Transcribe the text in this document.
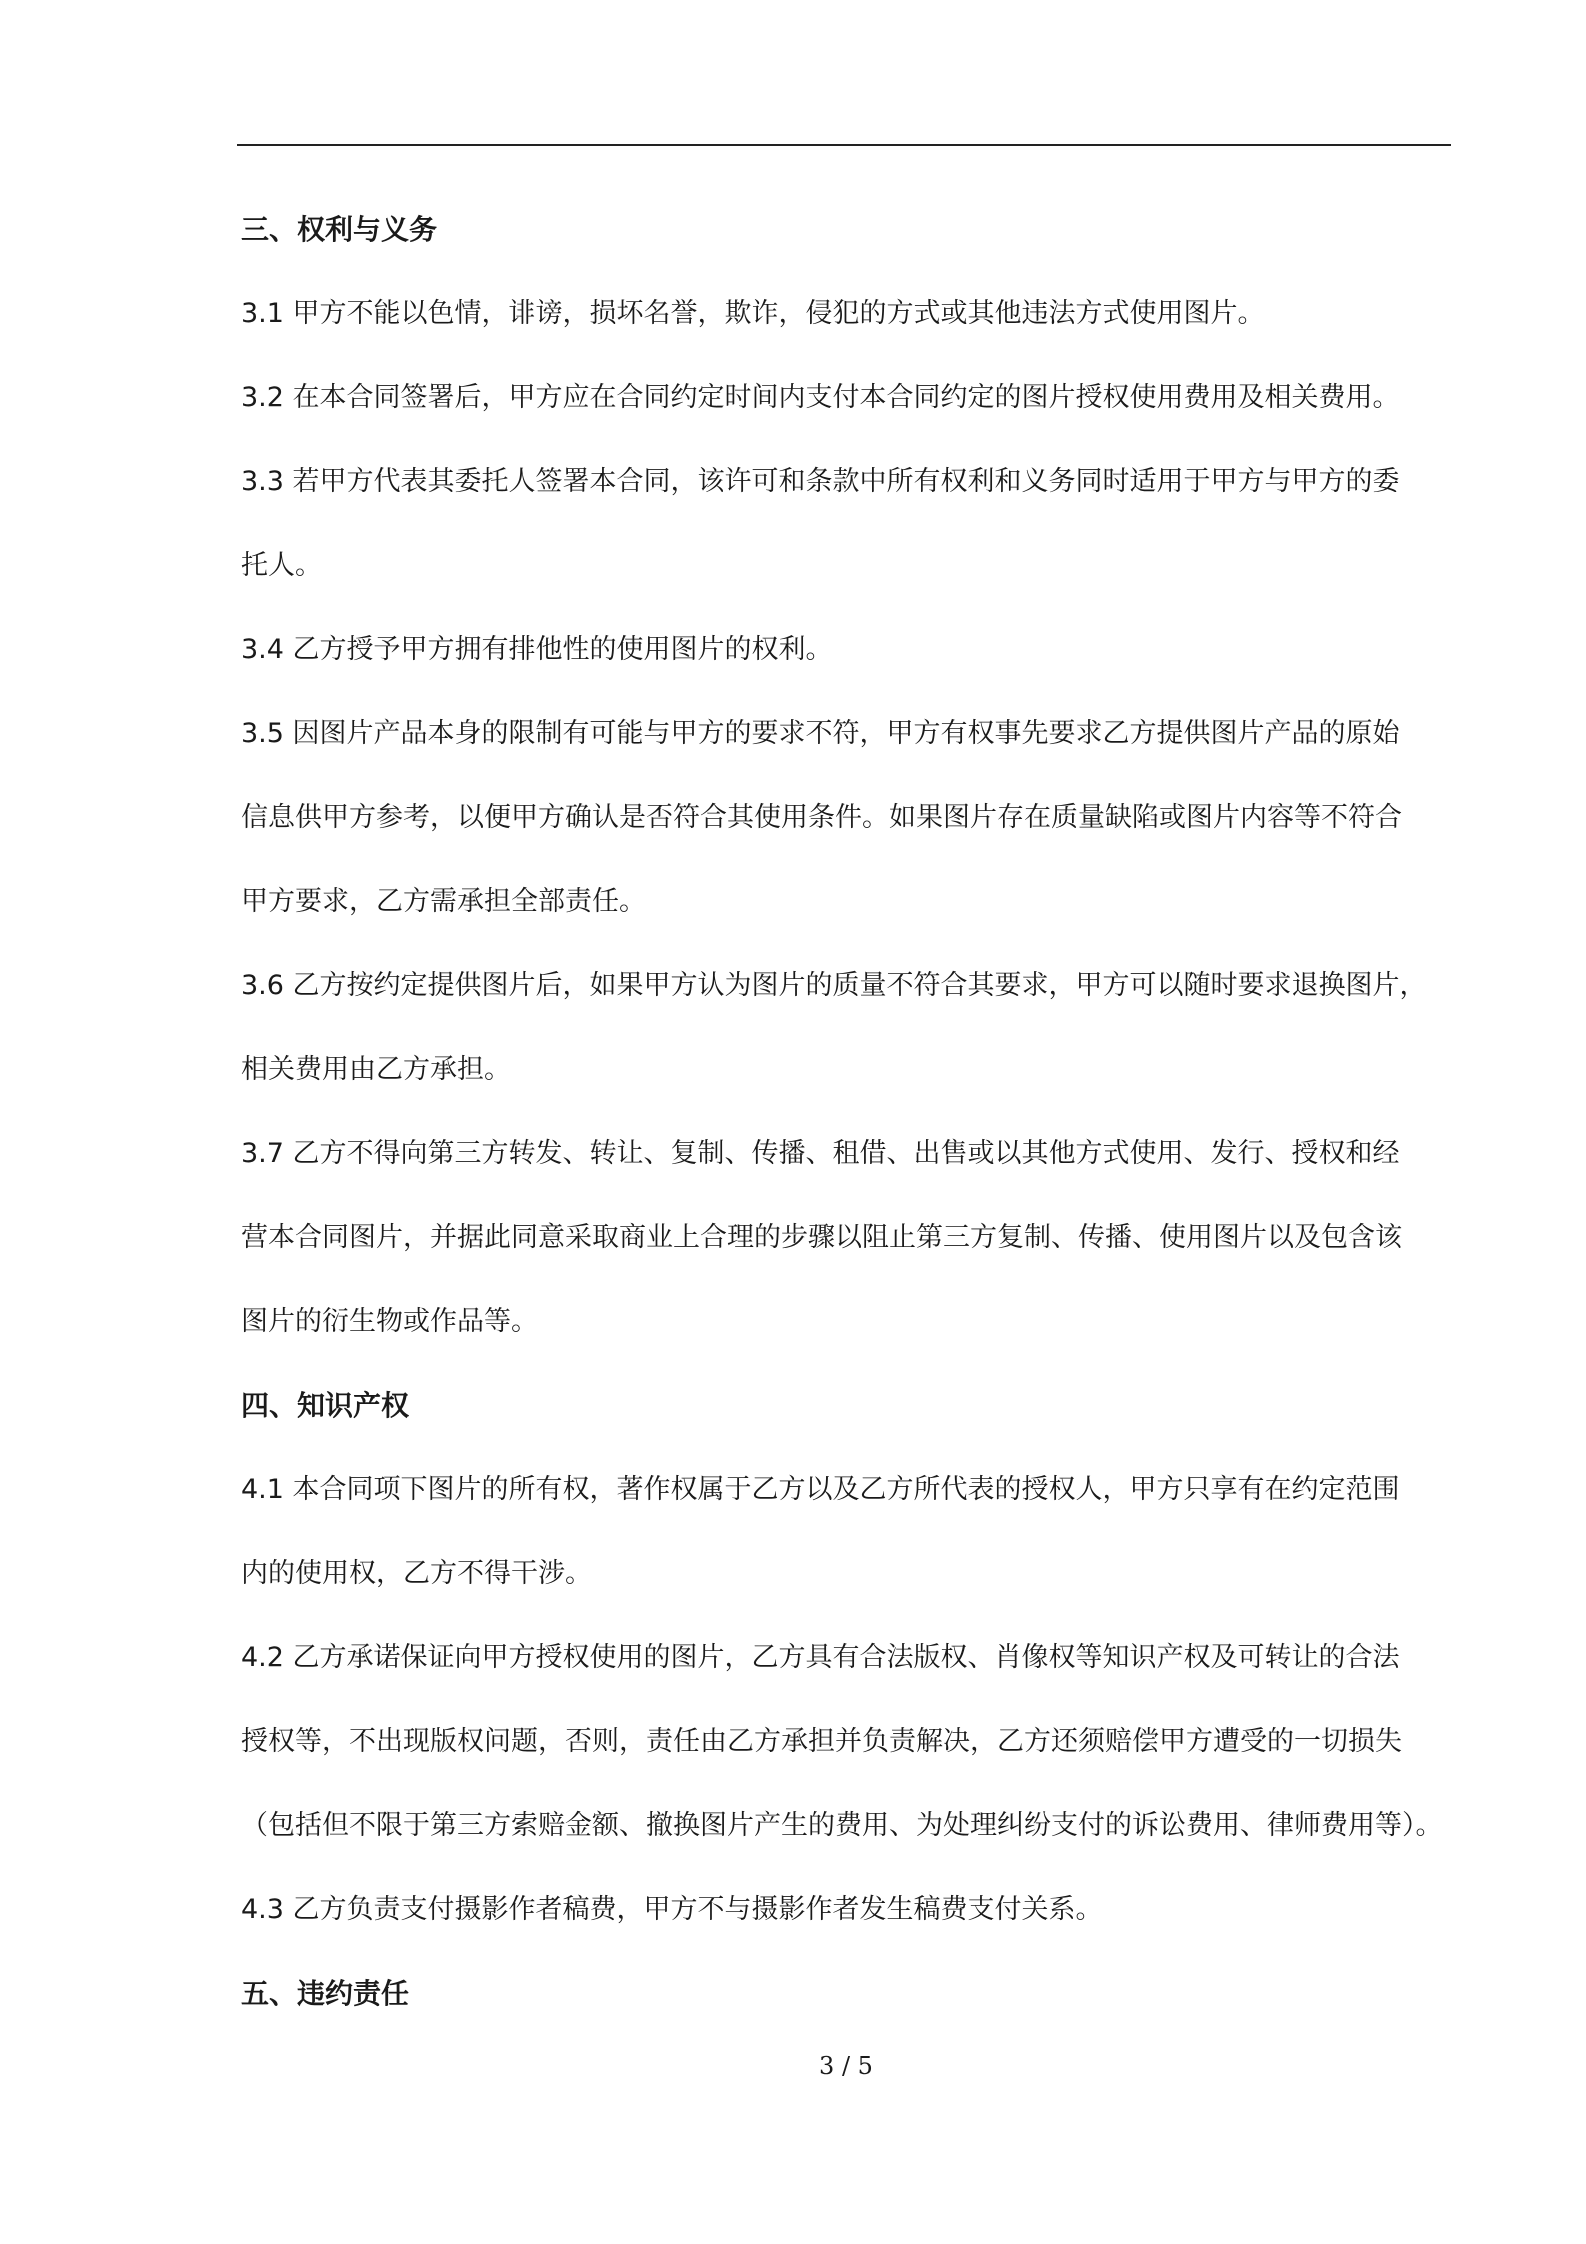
三、权利与义务
3.1 甲方不能以色情，诽谤，损坏名誉，欺诈，侵犯的方式或其他违法方式使用图片。
3.2 在本合同签署后，甲方应在合同约定时间内支付本合同约定的图片授权使用费用及相关费用。
3.3 若甲方代表其委托人签署本合同，该许可和条款中所有权利和义务同时适用于甲方与甲方的委
托人。
3.4 乙方授予甲方拥有排他性的使用图片的权利。
3.5 因图片产品本身的限制有可能与甲方的要求不符，甲方有权事先要求乙方提供图片产品的原始
信息供甲方参考，以便甲方确认是否符合其使用条件。如果图片存在质量缺陷或图片内容等不符合
甲方要求，乙方需承担全部责任。
3.6 乙方按约定提供图片后，如果甲方认为图片的质量不符合其要求，甲方可以随时要求退换图片，
相关费用由乙方承担。
3.7 乙方不得向第三方转发、转让、复制、传播、租借、出售或以其他方式使用、发行、授权和经
营本合同图片，并据此同意采取商业上合理的步骤以阻止第三方复制、传播、使用图片以及包含该
图片的衍生物或作品等。
四、知识产权
4.1 本合同项下图片的所有权，著作权属于乙方以及乙方所代表的授权人，甲方只享有在约定范围
内的使用权，乙方不得干涉。
4.2 乙方承诺保证向甲方授权使用的图片，乙方具有合法版权、肖像权等知识产权及可转让的合法
授权等，不出现版权问题，否则，责任由乙方承担并负责解决，乙方还须赔偿甲方遭受的一切损失
（包括但不限于第三方索赔金额、撤换图片产生的费用、为处理纠纷支付的诉讼费用、律师费用等）。
4.3 乙方负责支付摄影作者稿费，甲方不与摄影作者发生稿费支付关系。
五、违约责任
3 / 5
